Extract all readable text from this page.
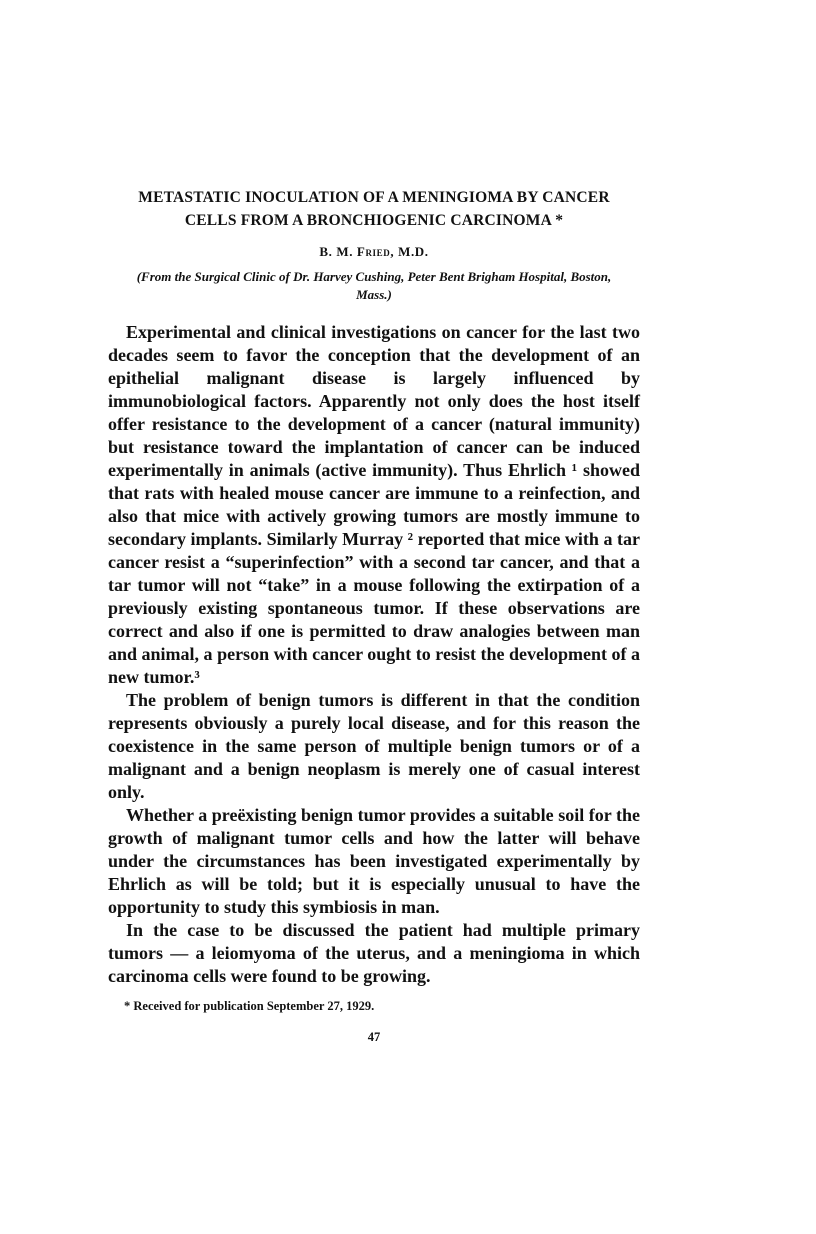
METASTATIC INOCULATION OF A MENINGIOMA BY CANCER
CELLS FROM A BRONCHIOGENIC CARCINOMA *
B. M. Fried, M.D.
(From the Surgical Clinic of Dr. Harvey Cushing, Peter Bent Brigham Hospital, Boston, Mass.)

Experimental and clinical investigations on cancer for the last two decades seem to favor the conception that the development of an epithelial malignant disease is largely influenced by immunobiological factors. Apparently not only does the host itself offer resistance to the development of a cancer (natural immunity) but resistance toward the implantation of cancer can be induced experimentally in animals (active immunity). Thus Ehrlich ¹ showed that rats with healed mouse cancer are immune to a reinfection, and also that mice with actively growing tumors are mostly immune to secondary implants. Similarly Murray ² reported that mice with a tar cancer resist a “superinfection” with a second tar cancer, and that a tar tumor will not “take” in a mouse following the extirpation of a previously existing spontaneous tumor. If these observations are correct and also if one is permitted to draw analogies between man and animal, a person with cancer ought to resist the development of a new tumor.³

The problem of benign tumors is different in that the condition represents obviously a purely local disease, and for this reason the coexistence in the same person of multiple benign tumors or of a malignant and a benign neoplasm is merely one of casual interest only.

Whether a preëxisting benign tumor provides a suitable soil for the growth of malignant tumor cells and how the latter will behave under the circumstances has been investigated experimentally by Ehrlich as will be told; but it is especially unusual to have the opportunity to study this symbiosis in man.

In the case to be discussed the patient had multiple primary tumors — a leiomyoma of the uterus, and a meningioma in which carcinoma cells were found to be growing.

* Received for publication September 27, 1929.
47
